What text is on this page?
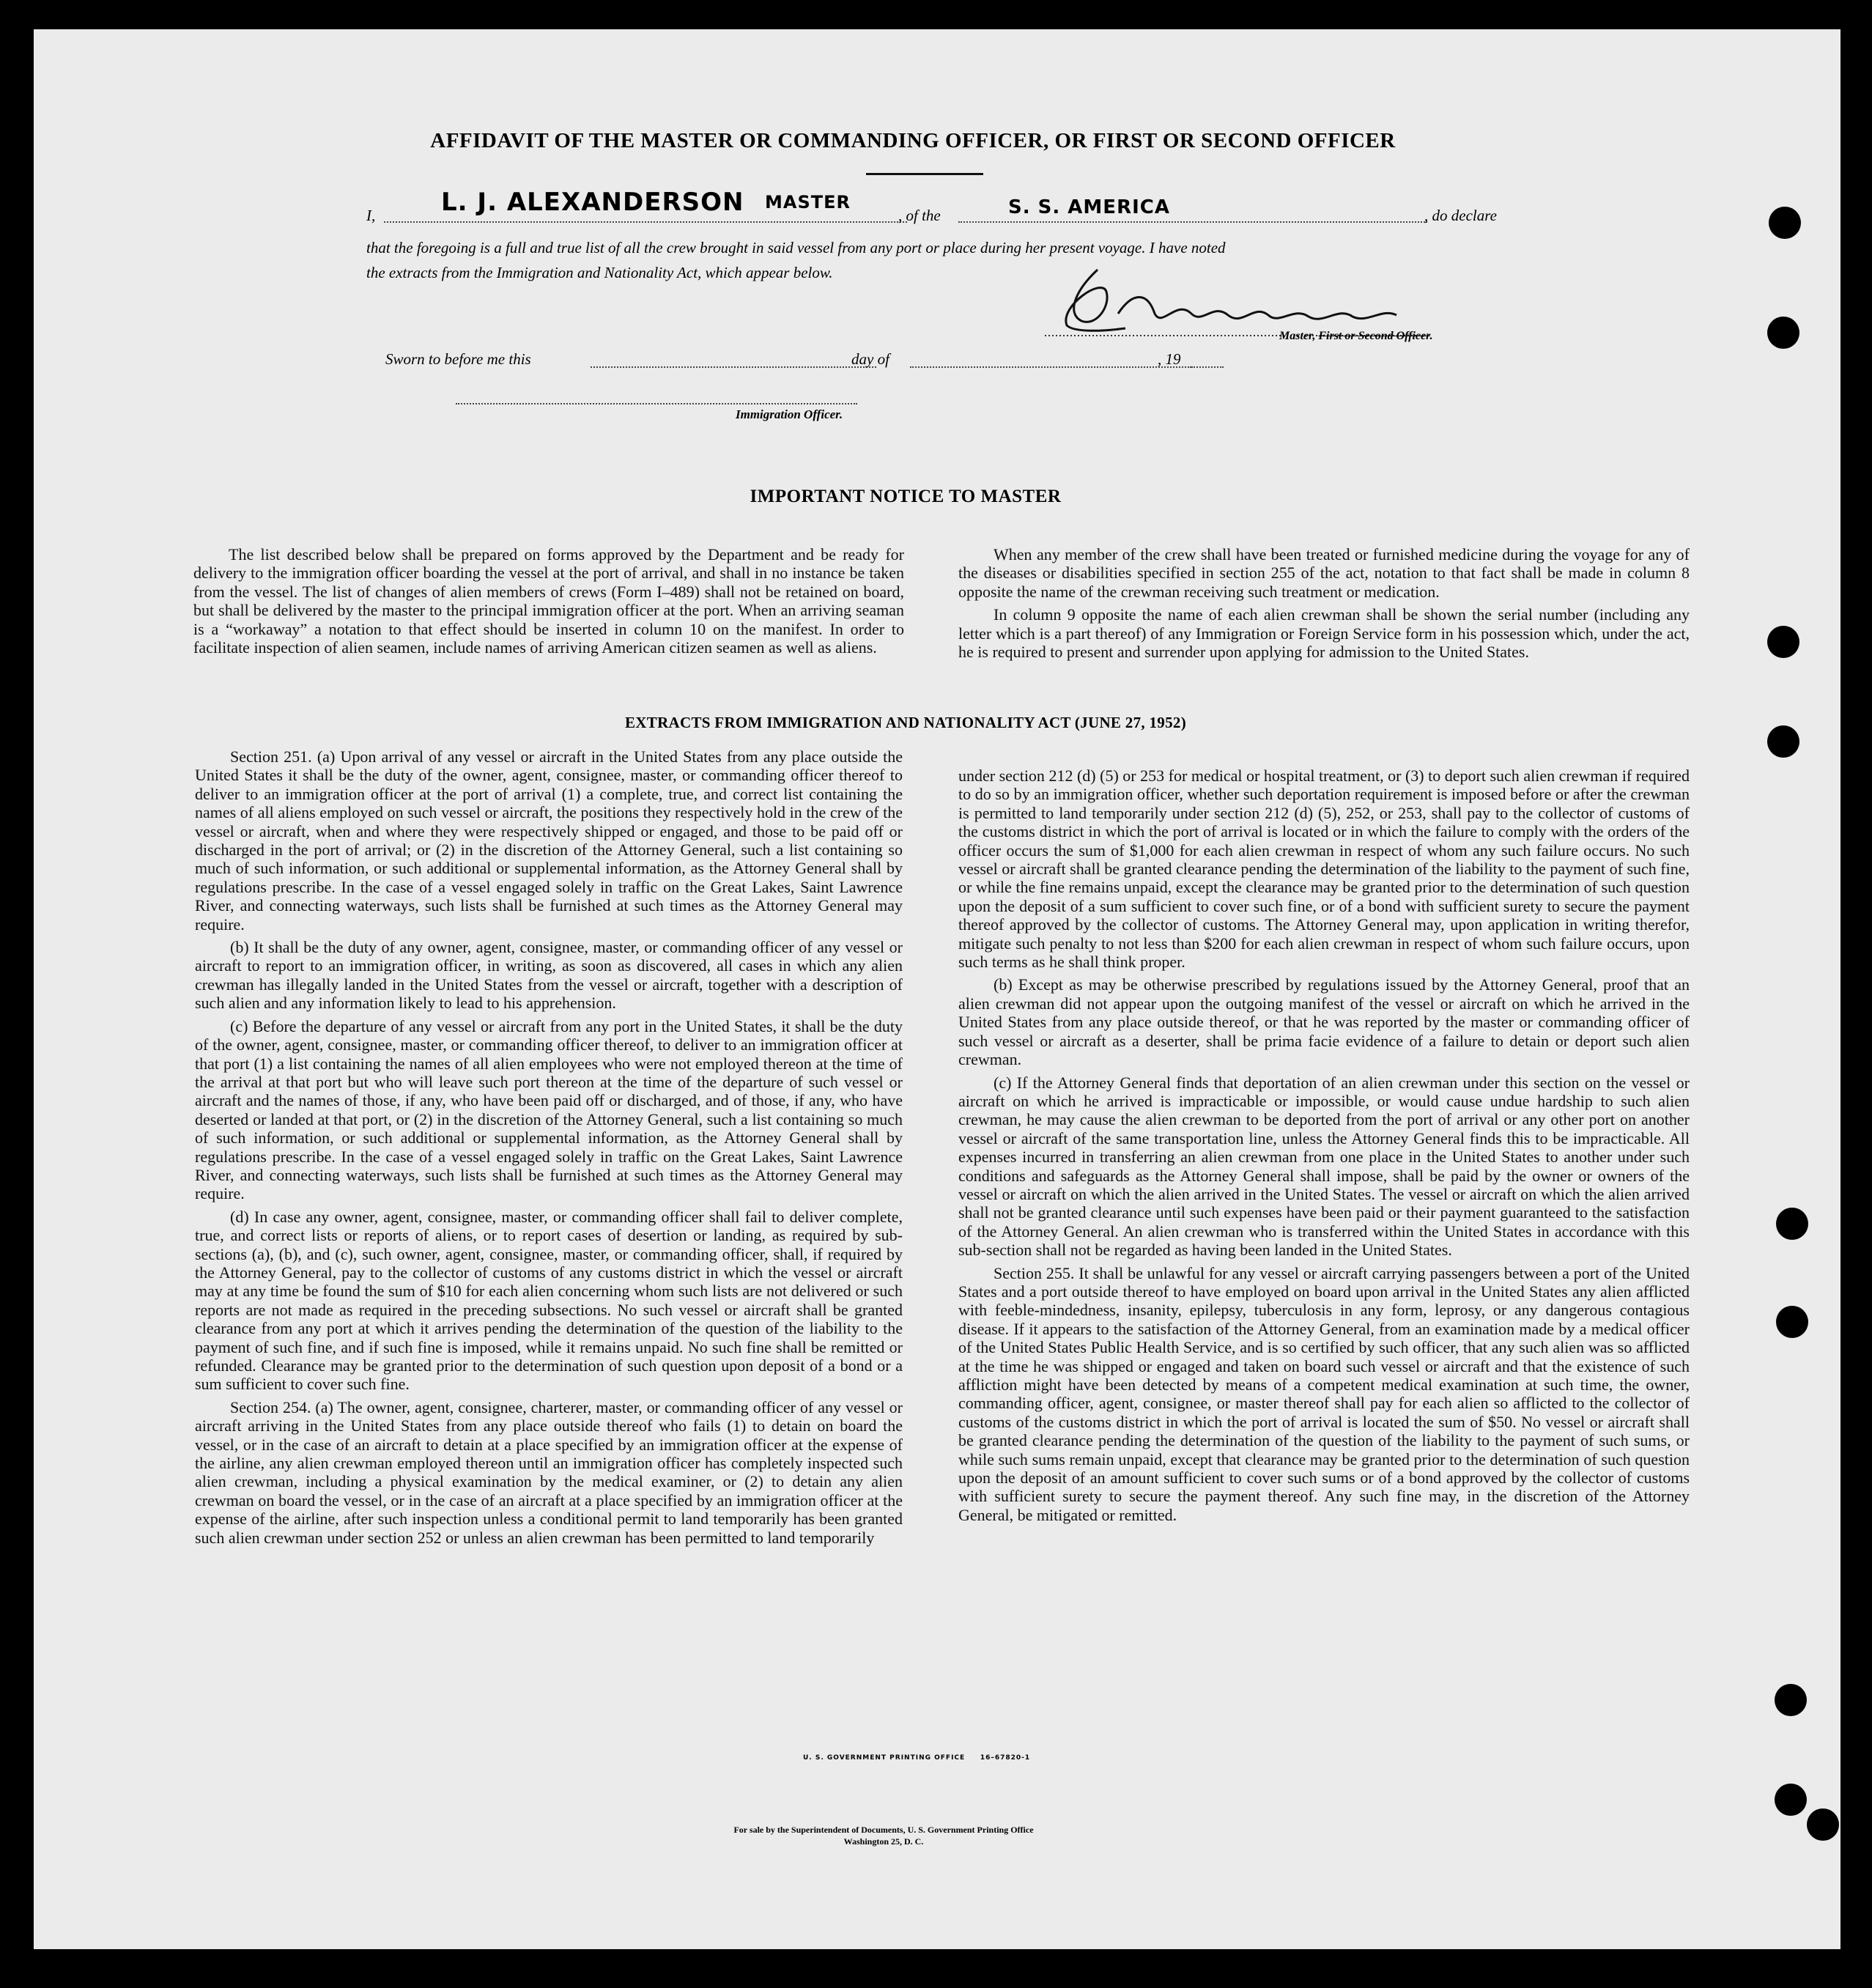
AFFIDAVIT OF THE MASTER OR COMMANDING OFFICER, OR FIRST OR SECOND OFFICER
I,	L. J. ALEXANDERSON MASTER
, of the	S. S. AMERICA	, do declare
that the foregoing is a full and true list of all the crew brought in said vessel from any port or place during her present voyage. I have noted
the extracts from the Immigration and Nationality Act, which appear below.
Master, First or Second Officer.
Sworn to before me this	day of	, 19
Immigration Officer.
IMPORTANT NOTICE TO MASTER

The list described below shall be prepared on forms approved by the Department and be ready for delivery to the immigration officer boarding the vessel at the port of arrival, and shall in no instance be taken from the vessel. The list of changes of alien members of crews (Form I–489) shall not be retained on board, but shall be delivered by the master to the principal immigration officer at the port. When an arriving seaman is a “workaway” a notation to that effect should be inserted in column 10 on the manifest. In order to facilitate inspection of alien seamen, include names of arriving American citizen seamen as well as aliens.

When any member of the crew shall have been treated or furnished medicine during the voyage for any of the diseases or disabilities specified in section 255 of the act, notation to that fact shall be made in column 8 opposite the name of the crewman receiving such treatment or medication.

In column 9 opposite the name of each alien crewman shall be shown the serial number (including any letter which is a part thereof) of any Immigration or Foreign Service form in his possession which, under the act, he is required to present and surrender upon applying for admission to the United States.

EXTRACTS FROM IMMIGRATION AND NATIONALITY ACT (JUNE 27, 1952)

Section 251. (a) Upon arrival of any vessel or aircraft in the United States from any place outside the United States it shall be the duty of the owner, agent, consignee, master, or commanding officer thereof to deliver to an immigration officer at the port of arrival (1) a complete, true, and correct list containing the names of all aliens employed on such vessel or aircraft, the positions they respectively hold in the crew of the vessel or aircraft, when and where they were respectively shipped or engaged, and those to be paid off or discharged in the port of arrival; or (2) in the discretion of the Attorney General, such a list containing so much of such information, or such additional or supplemental information, as the Attorney General shall by regulations prescribe. In the case of a vessel engaged solely in traffic on the Great Lakes, Saint Lawrence River, and connecting waterways, such lists shall be furnished at such times as the Attorney General may require.

(b) It shall be the duty of any owner, agent, consignee, master, or commanding officer of any vessel or aircraft to report to an immigration officer, in writing, as soon as discovered, all cases in which any alien crewman has illegally landed in the United States from the vessel or aircraft, together with a description of such alien and any information likely to lead to his apprehension.

(c) Before the departure of any vessel or aircraft from any port in the United States, it shall be the duty of the owner, agent, consignee, master, or commanding officer thereof, to deliver to an immigration officer at that port (1) a list containing the names of all alien employees who were not employed thereon at the time of the arrival at that port but who will leave such port thereon at the time of the departure of such vessel or aircraft and the names of those, if any, who have been paid off or discharged, and of those, if any, who have deserted or landed at that port, or (2) in the discretion of the Attorney General, such a list containing so much of such information, or such additional or supplemental information, as the Attorney General shall by regulations prescribe. In the case of a vessel engaged solely in traffic on the Great Lakes, Saint Lawrence River, and connecting waterways, such lists shall be furnished at such times as the Attorney General may require.

(d) In case any owner, agent, consignee, master, or commanding officer shall fail to deliver complete, true, and correct lists or reports of aliens, or to report cases of desertion or landing, as required by sub-sections (a), (b), and (c), such owner, agent, consignee, master, or commanding officer, shall, if required by the Attorney General, pay to the collector of customs of any customs district in which the vessel or aircraft may at any time be found the sum of $10 for each alien concerning whom such lists are not delivered or such reports are not made as required in the preceding subsections. No such vessel or aircraft shall be granted clearance from any port at which it arrives pending the determination of the question of the liability to the payment of such fine, and if such fine is imposed, while it remains unpaid. No such fine shall be remitted or refunded. Clearance may be granted prior to the determination of such question upon deposit of a bond or a sum sufficient to cover such fine.

Section 254. (a) The owner, agent, consignee, charterer, master, or commanding officer of any vessel or aircraft arriving in the United States from any place outside thereof who fails (1) to detain on board the vessel, or in the case of an aircraft to detain at a place specified by an immigration officer at the expense of the airline, any alien crewman employed thereon until an immigration officer has completely inspected such alien crewman, including a physical examination by the medical examiner, or (2) to detain any alien crewman on board the vessel, or in the case of an aircraft at a place specified by an immigration officer at the expense of the airline, after such inspection unless a conditional permit to land temporarily has been granted such alien crewman under section 252 or unless an alien crewman has been permitted to land temporarily

under section 212 (d) (5) or 253 for medical or hospital treatment, or (3) to deport such alien crewman if required to do so by an immigration officer, whether such deportation requirement is imposed before or after the crewman is permitted to land temporarily under section 212 (d) (5), 252, or 253, shall pay to the collector of customs of the customs district in which the port of arrival is located or in which the failure to comply with the orders of the officer occurs the sum of $1,000 for each alien crewman in respect of whom any such failure occurs. No such vessel or aircraft shall be granted clearance pending the determination of the liability to the payment of such fine, or while the fine remains unpaid, except the clearance may be granted prior to the determination of such question upon the deposit of a sum sufficient to cover such fine, or of a bond with sufficient surety to secure the payment thereof approved by the collector of customs. The Attorney General may, upon application in writing therefor, mitigate such penalty to not less than $200 for each alien crewman in respect of whom such failure occurs, upon such terms as he shall think proper.

(b) Except as may be otherwise prescribed by regulations issued by the Attorney General, proof that an alien crewman did not appear upon the outgoing manifest of the vessel or aircraft on which he arrived in the United States from any place outside thereof, or that he was reported by the master or commanding officer of such vessel or aircraft as a deserter, shall be prima facie evidence of a failure to detain or deport such alien crewman.

(c) If the Attorney General finds that deportation of an alien crewman under this section on the vessel or aircraft on which he arrived is impracticable or impossible, or would cause undue hardship to such alien crewman, he may cause the alien crewman to be deported from the port of arrival or any other port on another vessel or aircraft of the same transportation line, unless the Attorney General finds this to be impracticable. All expenses incurred in transferring an alien crewman from one place in the United States to another under such conditions and safeguards as the Attorney General shall impose, shall be paid by the owner or owners of the vessel or aircraft on which the alien arrived in the United States. The vessel or aircraft on which the alien arrived shall not be granted clearance until such expenses have been paid or their payment guaranteed to the satisfaction of the Attorney General. An alien crewman who is transferred within the United States in accordance with this sub-section shall not be regarded as having been landed in the United States.

Section 255. It shall be unlawful for any vessel or aircraft carrying passengers between a port of the United States and a port outside thereof to have employed on board upon arrival in the United States any alien afflicted with feeble-mindedness, insanity, epilepsy, tuberculosis in any form, leprosy, or any dangerous contagious disease. If it appears to the satisfaction of the Attorney General, from an examination made by a medical officer of the United States Public Health Service, and is so certified by such officer, that any such alien was so afflicted at the time he was shipped or engaged and taken on board such vessel or aircraft and that the existence of such affliction might have been detected by means of a competent medical examination at such time, the owner, commanding officer, agent, consignee, or master thereof shall pay for each alien so afflicted to the collector of customs of the customs district in which the port of arrival is located the sum of $50. No vessel or aircraft shall be granted clearance pending the determination of the question of the liability to the payment of such sums, or while such sums remain unpaid, except that clearance may be granted prior to the determination of such question upon the deposit of an amount sufficient to cover such sums or of a bond approved by the collector of customs with sufficient surety to secure the payment thereof. Any such fine may, in the discretion of the Attorney General, be mitigated or remitted.

U. S. GOVERNMENT PRINTING OFFICE     16–67820-1
For sale by the Superintendent of Documents, U. S. Government Printing Office
Washington 25, D. C.
